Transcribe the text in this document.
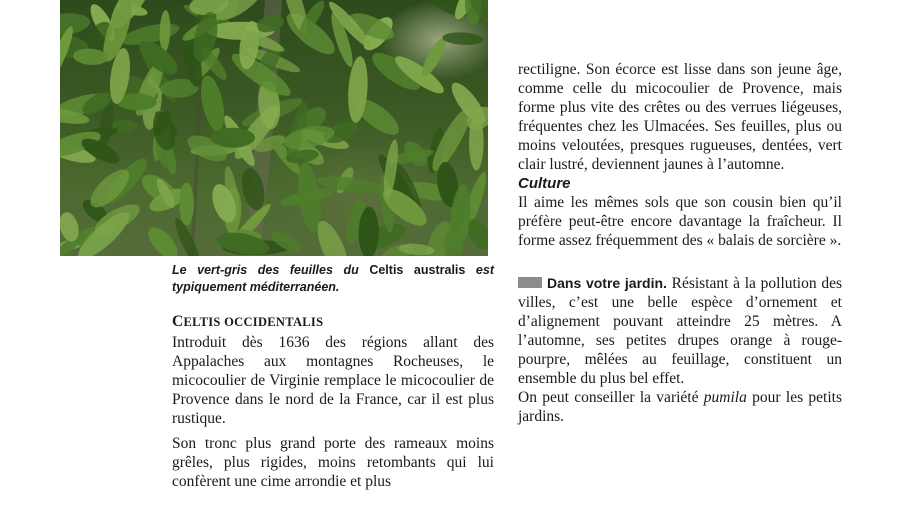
Le vert-gris des feuilles du Celtis australis est typiquement méditerranéen.

CELTIS OCCIDENTALIS

Introduit dès 1636 des régions allant des Appalaches aux montagnes Rocheuses, le micocoulier de Virginie remplace le micocoulier de Provence dans le nord de la France, car il est plus rustique.

Son tronc plus grand porte des rameaux moins grêles, plus rigides, moins retombants qui lui confèrent une cime arrondie et plus

rectiligne. Son écorce est lisse dans son jeune âge, comme celle du micocoulier de Provence, mais forme plus vite des crêtes ou des verrues liégeuses, fréquentes chez les Ulmacées. Ses feuilles, plus ou moins veloutées, presques rugueuses, dentées, vert clair lustré, deviennent jaunes à l’automne.

Culture

Il aime les mêmes sols que son cousin bien qu’il préfère peut-être encore davantage la fraîcheur. Il forme assez fréquemment des « balais de sorcière ».

Dans votre jardin. Résistant à la pollution des villes, c’est une belle espèce d’ornement et d’alignement pouvant atteindre 25 mètres. A l’automne, ses petites drupes orange à rouge-pourpre, mêlées au feuillage, constituent un ensemble du plus bel effet.

On peut conseiller la variété pumila pour les petits jardins.
